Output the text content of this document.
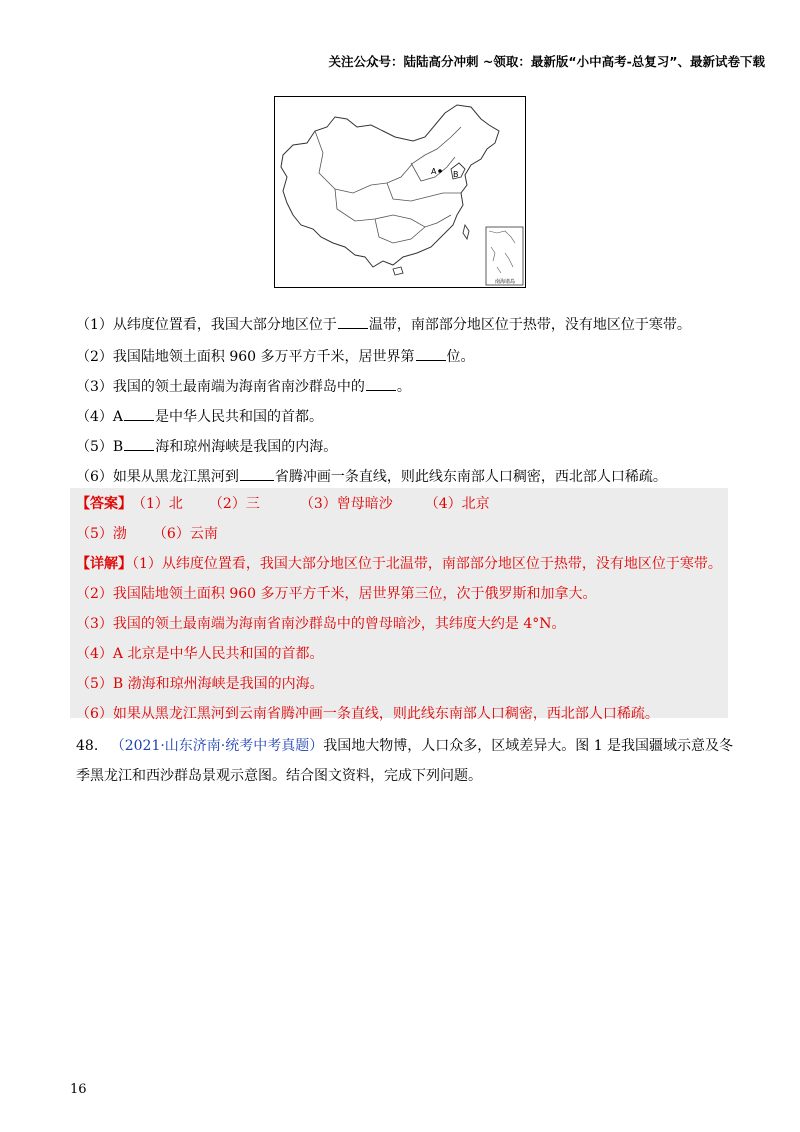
关注公众号：陆陆高分冲刺 ~领取：最新版“小中高考-总复习”、最新试卷下载
A B
南海诸岛
（1）从纬度位置看，我国大部分地区位于 温带，南部部分地区位于热带，没有地区位于寒带。
（2）我国陆地领土面积 960 多万平方千米，居世界第 位。
（3）我国的领土最南端为海南省南沙群岛中的 。
（4）A 是中华人民共和国的首都。
（5）B 海和琼州海峡是我国的内海。
（6）如果从黑龙江黑河到	省腾冲画一条直线，则此线东南部人口稠密，西北部人口稀疏。
【答案】（1）北 （2）三	（3）曾母暗沙 （4）北京
（5）渤 （6）云南
【详解】（1）从纬度位置看，我国大部分地区位于北温带，南部部分地区位于热带，没有地区位于寒带。
（2）我国陆地领土面积 960 多万平方千米，居世界第三位，次于俄罗斯和加拿大。
（3）我国的领土最南端为海南省南沙群岛中的曾母暗沙，其纬度大约是 4°N。
（4）A 北京是中华人民共和国的首都。
（5）B 渤海和琼州海峡是我国的内海。
（6）如果从黑龙江黑河到云南省腾冲画一条直线，则此线东南部人口稠密，西北部人口稀疏。
48. （2021·山东济南·统考中考真题）我国地大物博，人口众多，区域差异大。图 1 是我国疆域示意及冬
季黑龙江和西沙群岛景观示意图。结合图文资料，完成下列问题。
16
